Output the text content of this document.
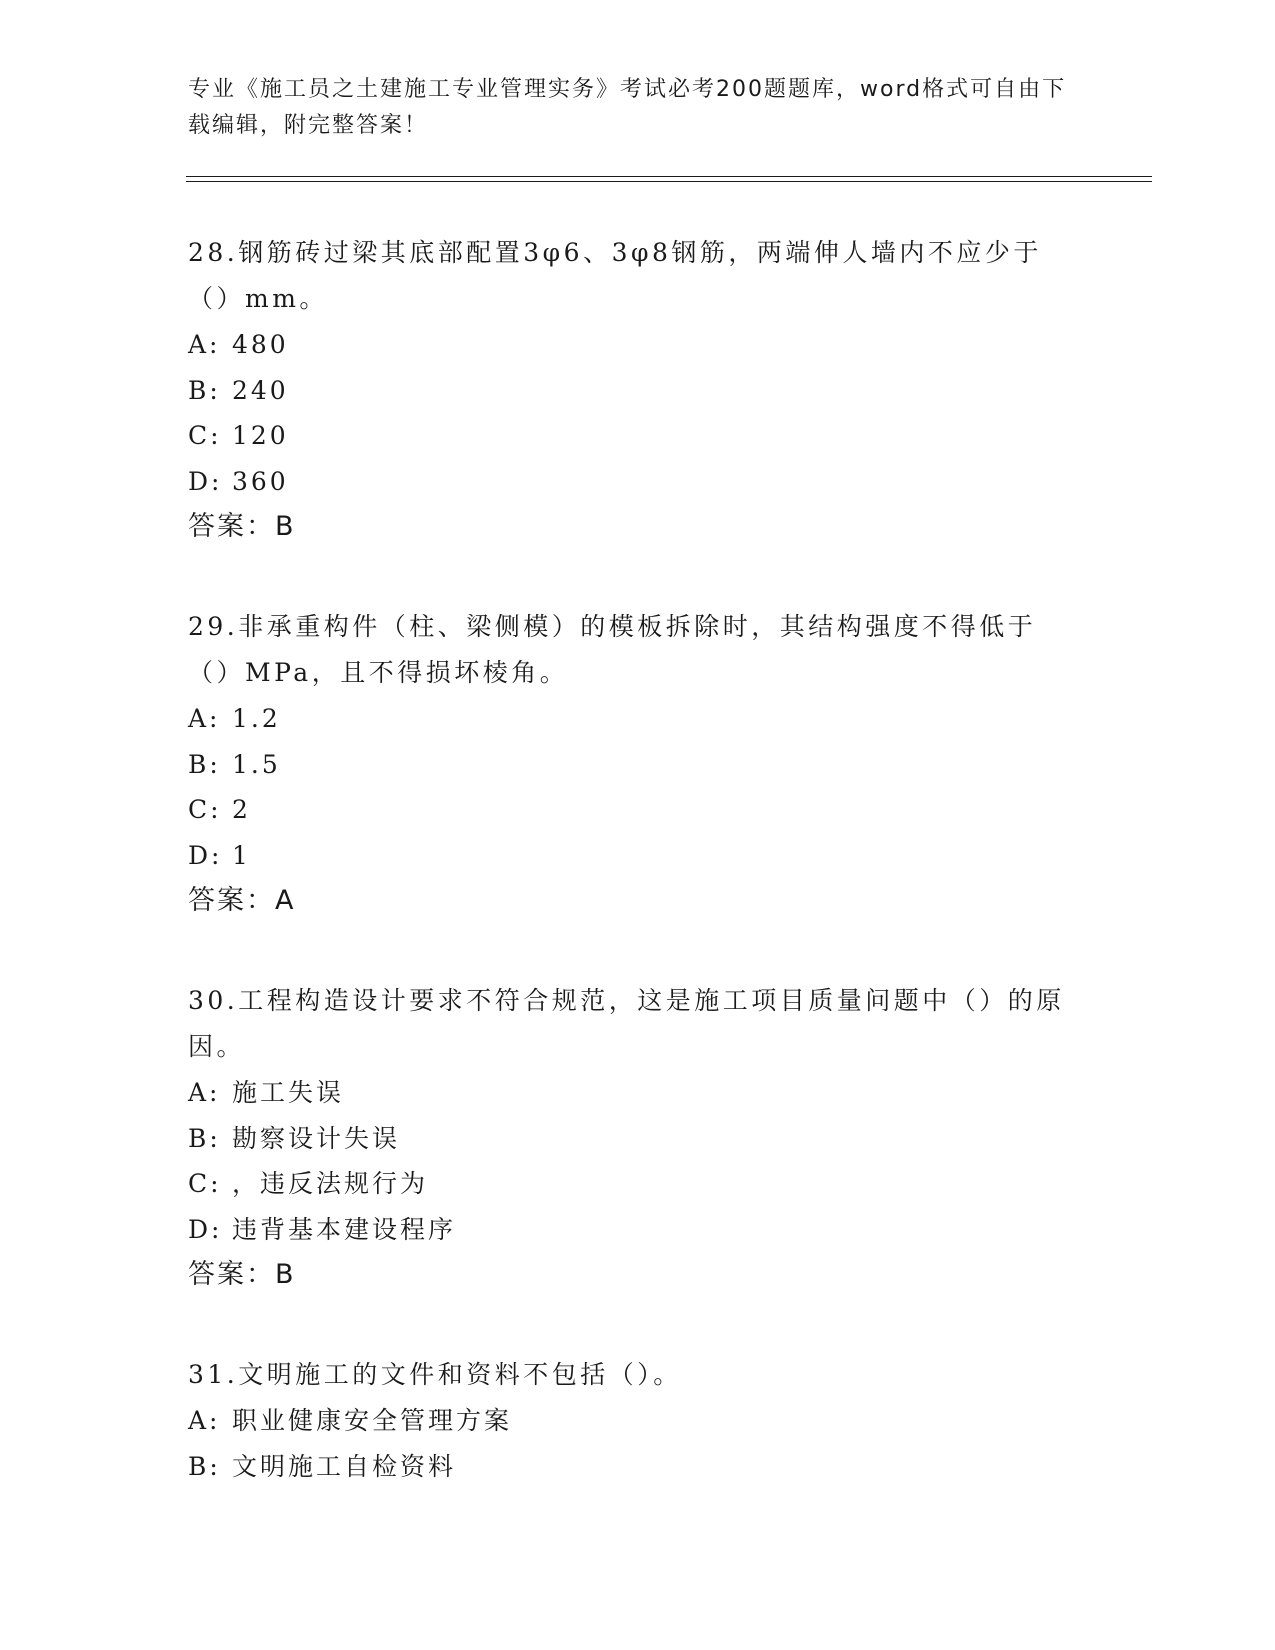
专业《施工员之土建施工专业管理实务》考试必考200题题库，word格式可自由下载编辑，附完整答案！

28.钢筋砖过梁其底部配置3φ6、3φ8钢筋，两端伸人墙内不应少于（）mm。

A: 480

B: 240

C: 120

D: 360

答案：B

29.非承重构件（柱、梁侧模）的模板拆除时，其结构强度不得低于（）MPa，且不得损坏棱角。

A: 1.2

B: 1.5

C: 2

D: 1

答案：A

30.工程构造设计要求不符合规范，这是施工项目质量问题中（）的原因。

A: 施工失误

B: 勘察设计失误

C: ，违反法规行为

D: 违背基本建设程序

答案：B

31.文明施工的文件和资料不包括（）。

A: 职业健康安全管理方案

B: 文明施工自检资料
